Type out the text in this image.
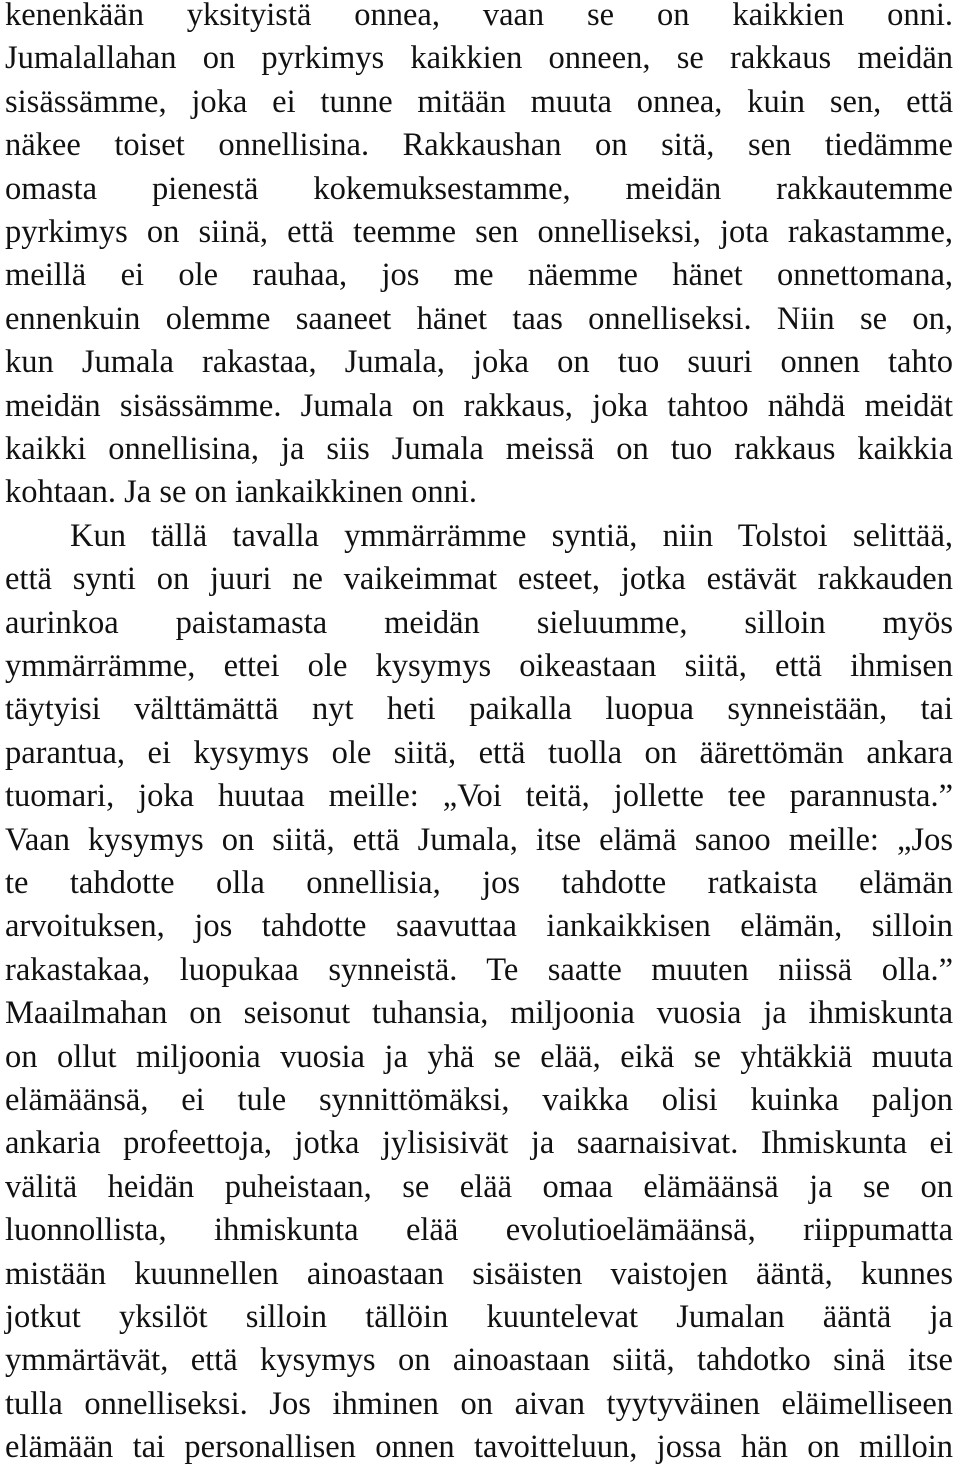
kenenkään yksityistä onnea, vaan se on kaikkien onni.
Jumalallahan on pyrkimys kaikkien onneen, se rakkaus meidän
sisässämme, joka ei tunne mitään muuta onnea, kuin sen, että
näkee toiset onnellisina. Rakkaushan on sitä, sen tiedämme
omasta pienestä kokemuksestamme, meidän rakkautemme
pyrkimys on siinä, että teemme sen onnelliseksi, jota rakastamme,
meillä ei ole rauhaa, jos me näemme hänet onnettomana,
ennenkuin olemme saaneet hänet taas onnelliseksi. Niin se on,
kun Jumala rakastaa, Jumala, joka on tuo suuri onnen tahto
meidän sisässämme. Jumala on rakkaus, joka tahtoo nähdä meidät
kaikki onnellisina, ja siis Jumala meissä on tuo rakkaus kaikkia
kohtaan. Ja se on iankaikkinen onni.
Kun tällä tavalla ymmärrämme syntiä, niin Tolstoi selittää,
että synti on juuri ne vaikeimmat esteet, jotka estävät rakkauden
aurinkoa paistamasta meidän sieluumme, silloin myös
ymmärrämme, ettei ole kysymys oikeastaan siitä, että ihmisen
täytyisi välttämättä nyt heti paikalla luopua synneistään, tai
parantua, ei kysymys ole siitä, että tuolla on äärettömän ankara
tuomari, joka huutaa meille: „Voi teitä, jollette tee parannusta.”
Vaan kysymys on siitä, että Jumala, itse elämä sanoo meille: „Jos
te tahdotte olla onnellisia, jos tahdotte ratkaista elämän
arvoituksen, jos tahdotte saavuttaa iankaikkisen elämän, silloin
rakastakaa, luopukaa synneistä. Te saatte muuten niissä olla.”
Maailmahan on seisonut tuhansia, miljoonia vuosia ja ihmiskunta
on ollut miljoonia vuosia ja yhä se elää, eikä se yhtäkkiä muuta
elämäänsä, ei tule synnittömäksi, vaikka olisi kuinka paljon
ankaria profeettoja, jotka jylisisivät ja saarnaisivat. Ihmiskunta ei
välitä heidän puheistaan, se elää omaa elämäänsä ja se on
luonnollista, ihmiskunta elää evolutioelämäänsä, riippumatta
mistään kuunnellen ainoastaan sisäisten vaistojen ääntä, kunnes
jotkut yksilöt silloin tällöin kuuntelevat Jumalan ääntä ja
ymmärtävät, että kysymys on ainoastaan siitä, tahdotko sinä itse
tulla onnelliseksi. Jos ihminen on aivan tyytyväinen eläimelliseen
elämään tai personallisen onnen tavoitteluun, jossa hän on milloin
